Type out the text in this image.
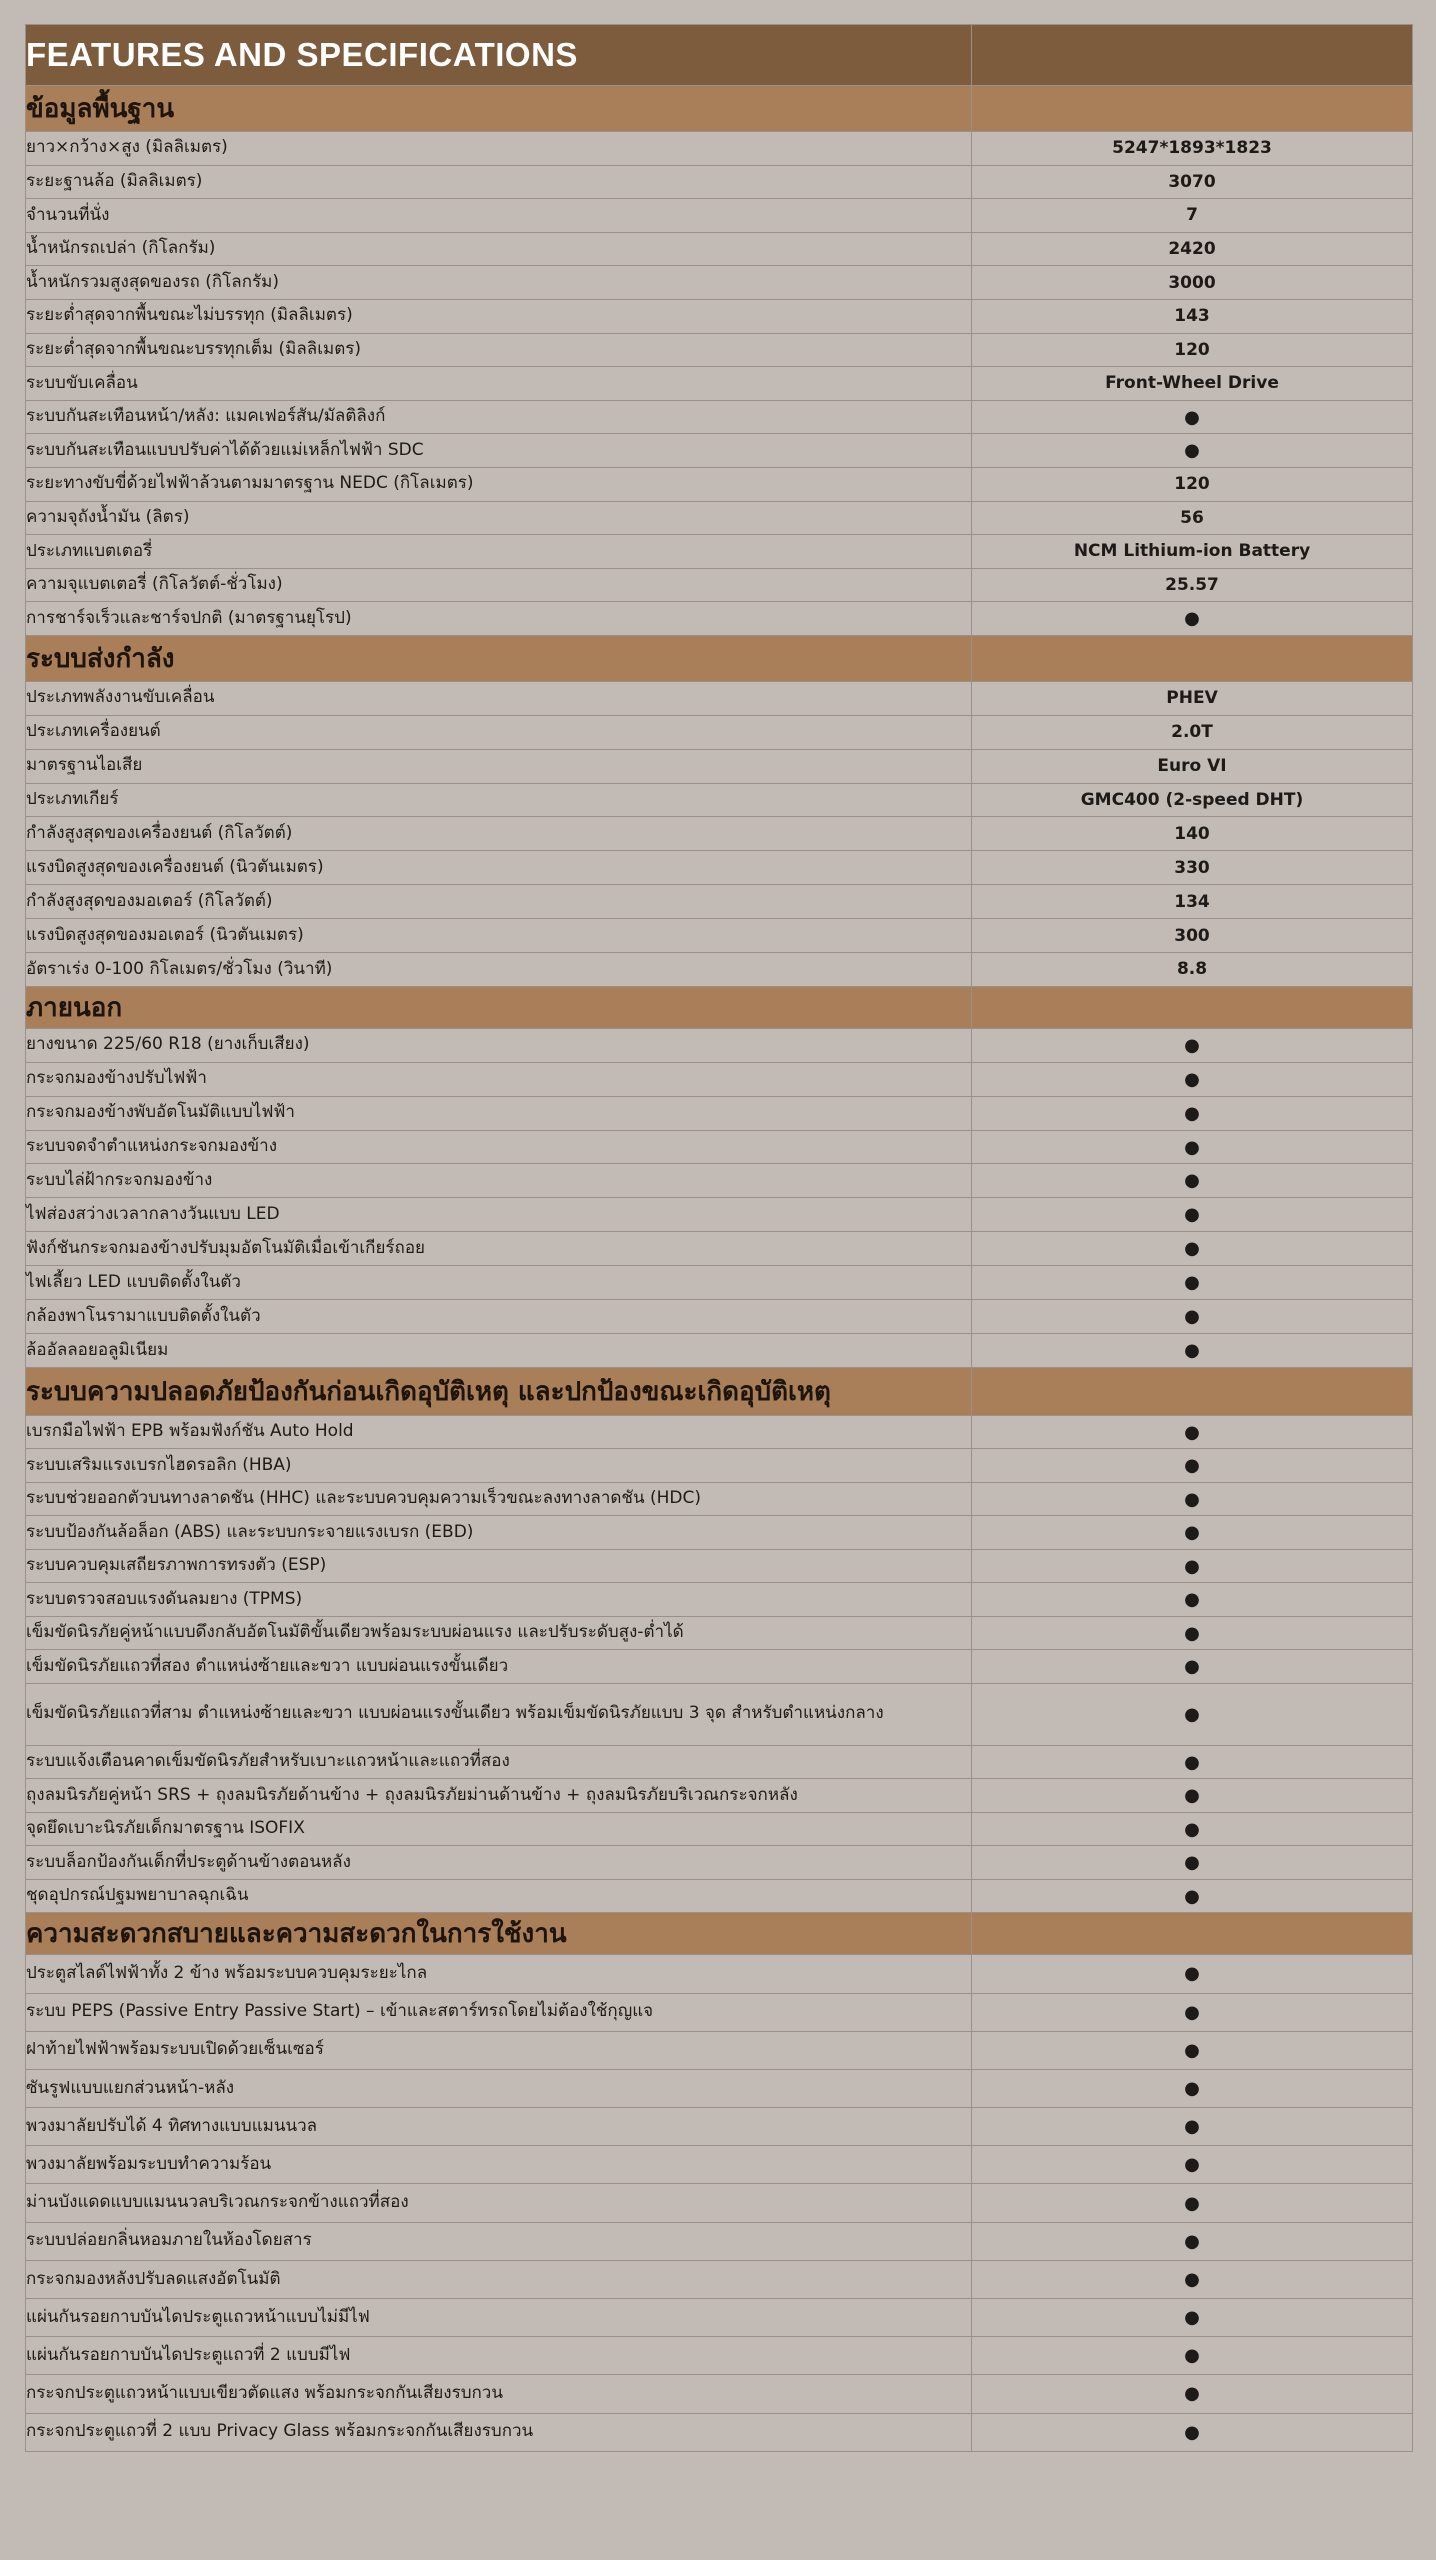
FEATURES AND SPECIFICATIONS	
ข้อมูลพื้นฐาน	
ยาว×กว้าง×สูง (มิลลิเมตร)	5247*1893*1823
ระยะฐานล้อ (มิลลิเมตร)	3070
จำนวนที่นั่ง	7
น้ำหนักรถเปล่า (กิโลกรัม)	2420
น้ำหนักรวมสูงสุดของรถ (กิโลกรัม)	3000
ระยะต่ำสุดจากพื้นขณะไม่บรรทุก (มิลลิเมตร)	143
ระยะต่ำสุดจากพื้นขณะบรรทุกเต็ม (มิลลิเมตร)	120
ระบบขับเคลื่อน	Front-Wheel Drive
ระบบกันสะเทือนหน้า/หลัง: แมคเฟอร์สัน/มัลติลิงก์	●
ระบบกันสะเทือนแบบปรับค่าได้ด้วยแม่เหล็กไฟฟ้า SDC	●
ระยะทางขับขี่ด้วยไฟฟ้าล้วนตามมาตรฐาน NEDC (กิโลเมตร)	120
ความจุถังน้ำมัน (ลิตร)	56
ประเภทแบตเตอรี่	NCM Lithium-ion Battery
ความจุแบตเตอรี่ (กิโลวัตต์-ชั่วโมง)	25.57
การชาร์จเร็วและชาร์จปกติ (มาตรฐานยุโรป)	●
ระบบส่งกำลัง	
ประเภทพลังงานขับเคลื่อน	PHEV
ประเภทเครื่องยนต์	2.0T
มาตรฐานไอเสีย	Euro VI
ประเภทเกียร์	GMC400 (2-speed DHT)
กำลังสูงสุดของเครื่องยนต์ (กิโลวัตต์)	140
แรงบิดสูงสุดของเครื่องยนต์ (นิวตันเมตร)	330
กำลังสูงสุดของมอเตอร์ (กิโลวัตต์)	134
แรงบิดสูงสุดของมอเตอร์ (นิวตันเมตร)	300
อัตราเร่ง 0-100 กิโลเมตร/ชั่วโมง (วินาที)	8.8
ภายนอก	
ยางขนาด 225/60 R18 (ยางเก็บเสียง)	●
กระจกมองข้างปรับไฟฟ้า	●
กระจกมองข้างพับอัตโนมัติแบบไฟฟ้า	●
ระบบจดจำตำแหน่งกระจกมองข้าง	●
ระบบไล่ฝ้ากระจกมองข้าง	●
ไฟส่องสว่างเวลากลางวันแบบ LED	●
ฟังก์ชันกระจกมองข้างปรับมุมอัตโนมัติเมื่อเข้าเกียร์ถอย	●
ไฟเลี้ยว LED แบบติดตั้งในตัว	●
กล้องพาโนรามาแบบติดตั้งในตัว	●
ล้ออัลลอยอลูมิเนียม	●
ระบบความปลอดภัยป้องกันก่อนเกิดอุบัติเหตุ และปกป้องขณะเกิดอุบัติเหตุ	
เบรกมือไฟฟ้า EPB พร้อมฟังก์ชัน Auto Hold	●
ระบบเสริมแรงเบรกไฮดรอลิก (HBA)	●
ระบบช่วยออกตัวบนทางลาดชัน (HHC) และระบบควบคุมความเร็วขณะลงทางลาดชัน (HDC)	●
ระบบป้องกันล้อล็อก (ABS) และระบบกระจายแรงเบรก (EBD)	●
ระบบควบคุมเสถียรภาพการทรงตัว (ESP)	●
ระบบตรวจสอบแรงดันลมยาง (TPMS)	●
เข็มขัดนิรภัยคู่หน้าแบบดึงกลับอัตโนมัติขั้นเดียวพร้อมระบบผ่อนแรง และปรับระดับสูง-ต่ำได้	●
เข็มขัดนิรภัยแถวที่สอง ตำแหน่งซ้ายและขวา แบบผ่อนแรงขั้นเดียว	●
เข็มขัดนิรภัยแถวที่สาม ตำแหน่งซ้ายและขวา แบบผ่อนแรงขั้นเดียว พร้อมเข็มขัดนิรภัยแบบ 3 จุด สำหรับตำแหน่งกลาง	●
ระบบแจ้งเตือนคาดเข็มขัดนิรภัยสำหรับเบาะแถวหน้าและแถวที่สอง	●
ถุงลมนิรภัยคู่หน้า SRS + ถุงลมนิรภัยด้านข้าง + ถุงลมนิรภัยม่านด้านข้าง + ถุงลมนิรภัยบริเวณกระจกหลัง	●
จุดยึดเบาะนิรภัยเด็กมาตรฐาน ISOFIX	●
ระบบล็อกป้องกันเด็กที่ประตูด้านข้างตอนหลัง	●
ชุดอุปกรณ์ปฐมพยาบาลฉุกเฉิน	●
ความสะดวกสบายและความสะดวกในการใช้งาน	
ประตูสไลด์ไฟฟ้าทั้ง 2 ข้าง พร้อมระบบควบคุมระยะไกล	●
ระบบ PEPS (Passive Entry Passive Start) – เข้าและสตาร์ทรถโดยไม่ต้องใช้กุญแจ	●
ฝาท้ายไฟฟ้าพร้อมระบบเปิดด้วยเซ็นเซอร์	●
ซันรูฟแบบแยกส่วนหน้า-หลัง	●
พวงมาลัยปรับได้ 4 ทิศทางแบบแมนนวล	●
พวงมาลัยพร้อมระบบทำความร้อน	●
ม่านบังแดดแบบแมนนวลบริเวณกระจกข้างแถวที่สอง	●
ระบบปล่อยกลิ่นหอมภายในห้องโดยสาร	●
กระจกมองหลังปรับลดแสงอัตโนมัติ	●
แผ่นกันรอยกาบบันไดประตูแถวหน้าแบบไม่มีไฟ	●
แผ่นกันรอยกาบบันไดประตูแถวที่ 2 แบบมีไฟ	●
กระจกประตูแถวหน้าแบบเขียวตัดแสง พร้อมกระจกกันเสียงรบกวน	●
กระจกประตูแถวที่ 2 แบบ Privacy Glass พร้อมกระจกกันเสียงรบกวน	●
